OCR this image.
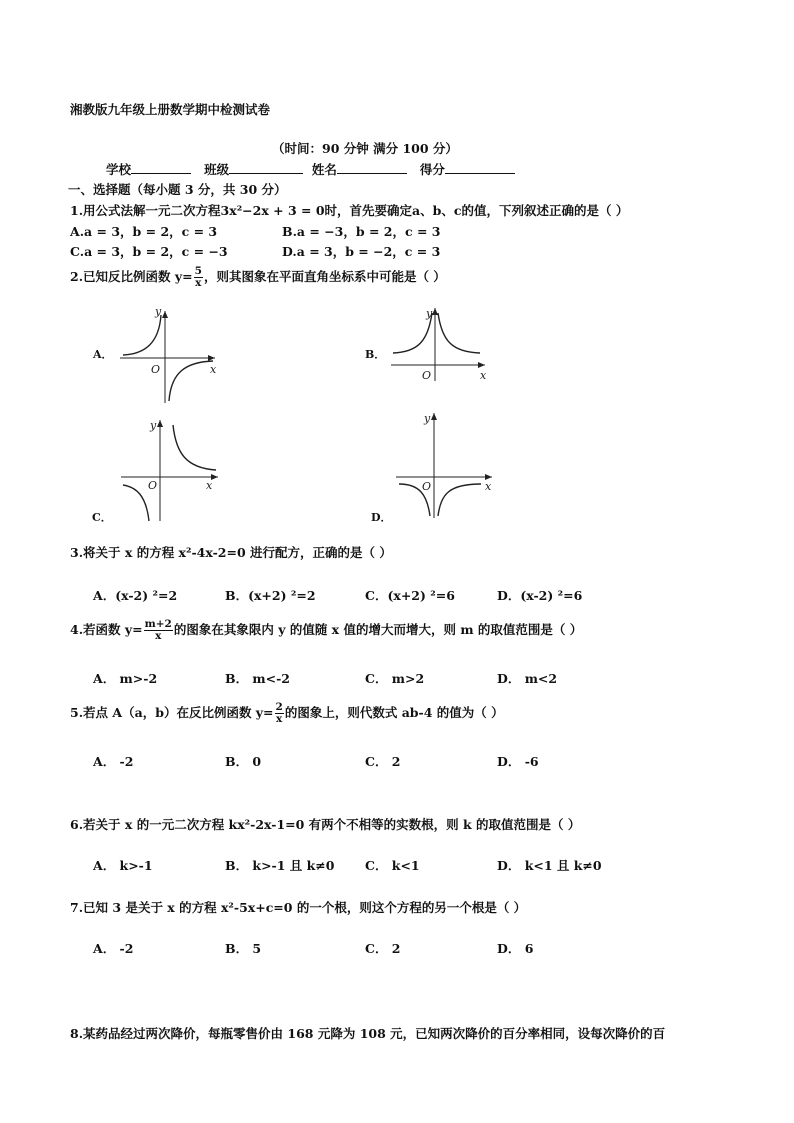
湘教版九年级上册数学期中检测试卷
（时间：90 分钟 满分 100 分）
学校	班级	姓名	得分
一、选择题（每小题 3 分，共 30 分）
1.用公式法解一元二次方程3x²−2x + 3 = 0时，首先要确定a、b、c的值，下列叙述正确的是（ ）
A.a = 3，b = 2，c = 3	B.a = −3，b = 2，c = 3
C.a = 3，b = 2，c = −3	D.a = 3，b = −2，c = 3
2.已知反比例函数 $y= \frac{5}{x}$ ，则其图象在平面直角坐标系中可能是（ ）
A．
y
O	x
B．
y
O	x
C．
y
O	x
D．
y
O	x
3.将关于 x 的方程 x²-4x-2=0 进行配方，正确的是（ ）
A．(x-2) ²=2	B．(x+2) ²=2	C．(x+2) ²=6	D．(x-2) ²=6
4.若函数 $y= \frac{m+2}{x}$ 的图象在其象限内 y 的值随 x 值的增大而增大，则 m 的取值范围是（ ）
A． m>-2	B． m<-2	C． m>2	D． m<2
5.若点 A（a，b）在反比例函数 $y= \frac{2}{x}$ 的图象上，则代数式 ab-4 的值为（ ）
A． -2	B． 0	C． 2	D． -6
6.若关于 x 的一元二次方程 kx²-2x-1=0 有两个不相等的实数根，则 k 的取值范围是（ ）
A． k>-1	B． k>-1 且 k≠0 C． k<1	D． k<1 且 k≠0
7.已知 3 是关于 x 的方程 x²-5x+c=0 的一个根，则这个方程的另一个根是（ ）
A． -2	B． 5	C． 2	D． 6
8.某药品经过两次降价，每瓶零售价由 168 元降为 108 元，已知两次降价的百分率相同，设每次降价的百
